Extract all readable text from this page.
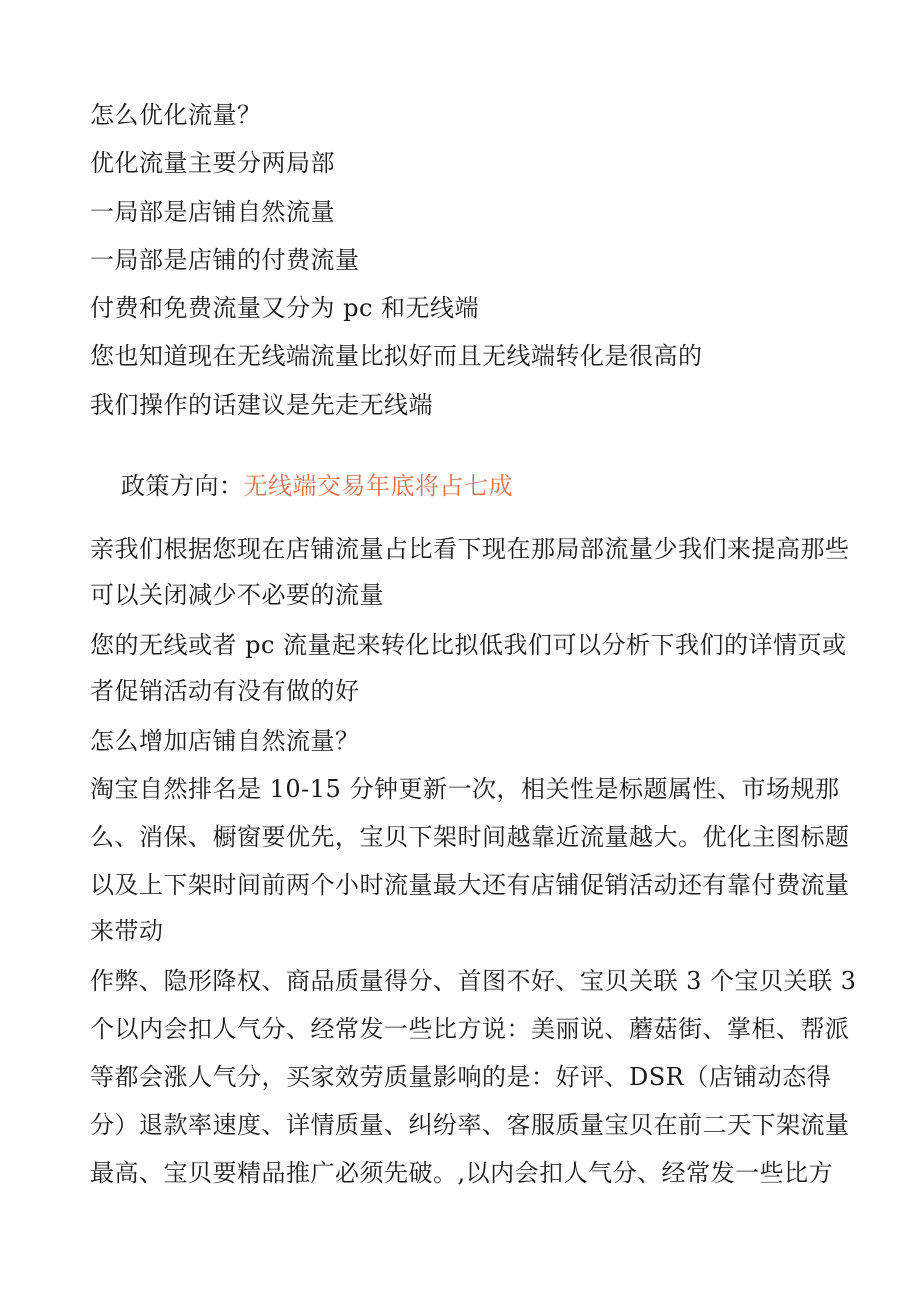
怎么优化流量？
优化流量主要分两局部
一局部是店铺自然流量
一局部是店铺的付费流量
付费和免费流量又分为 pc 和无线端
您也知道现在无线端流量比拟好而且无线端转化是很高的
我们操作的话建议是先走无线端
政策方向：无线端交易年底将占七成
亲我们根据您现在店铺流量占比看下现在那局部流量少我们来提高那些
可以关闭减少不必要的流量
您的无线或者 pc 流量起来转化比拟低我们可以分析下我们的详情页或
者促销活动有没有做的好
怎么增加店铺自然流量？
淘宝自然排名是 10-15 分钟更新一次，相关性是标题属性、市场规那
么、消保、橱窗要优先，宝贝下架时间越靠近流量越大。优化主图标题
以及上下架时间前两个小时流量最大还有店铺促销活动还有靠付费流量
来带动
作弊、隐形降权、商品质量得分、首图不好、宝贝关联 3 个宝贝关联 3
个以内会扣人气分、经常发一些比方说：美丽说、蘑菇街、掌柜、帮派
等都会涨人气分，买家效劳质量影响的是：好评、DSR（店铺动态得
分）退款率速度、详情质量、纠纷率、客服质量宝贝在前二天下架流量
最高、宝贝要精品推广必须先破。,以内会扣人气分、经常发一些比方
